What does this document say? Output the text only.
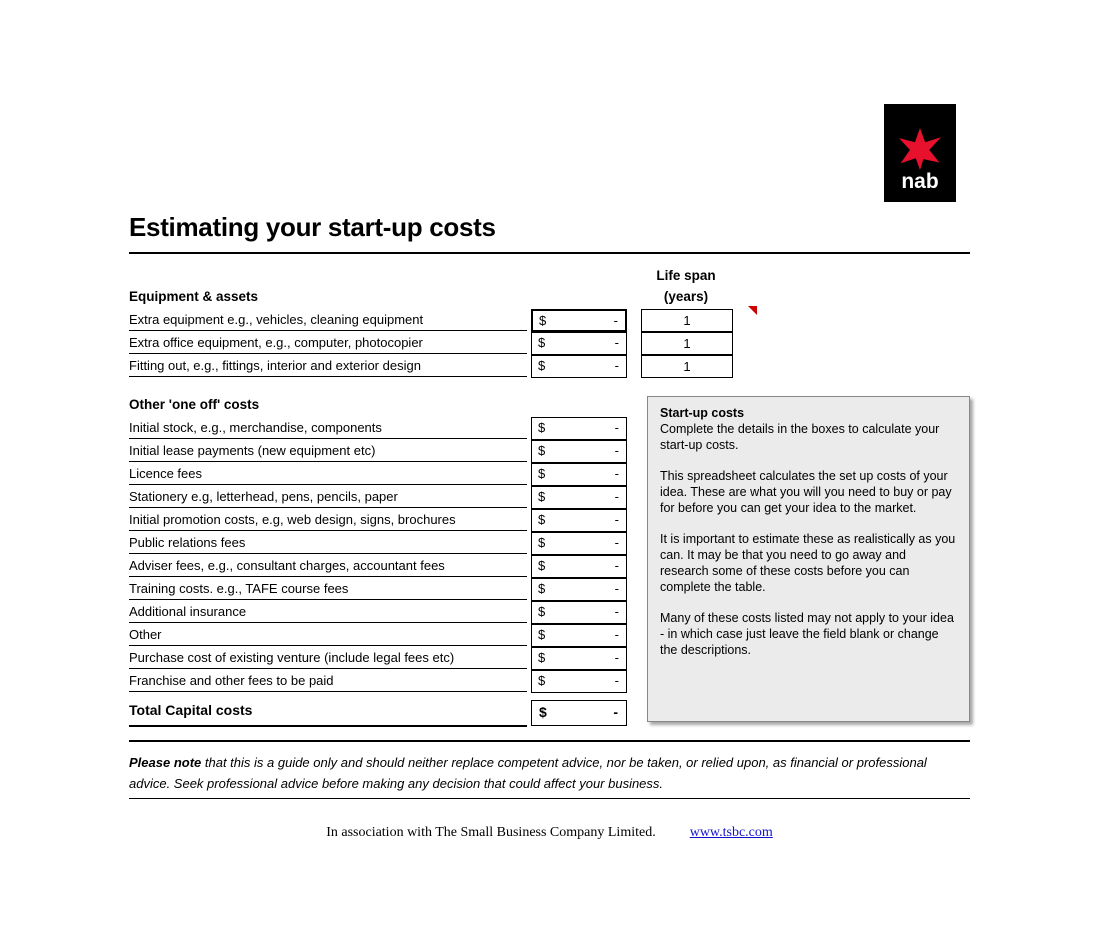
nab
Estimating your start-up costs
Life span
(years)
Equipment & assets
Extra equipment e.g., vehicles, cleaning equipment	$	-	1
Extra office equipment, e.g., computer, photocopier	$	-	1
Fitting out, e.g., fittings, interior and exterior design	$	-	1
Other 'one off' costs
Initial stock, e.g., merchandise, components	$	-
Initial lease payments (new equipment etc)	$	-
Licence fees	$	-
Stationery e.g, letterhead, pens, pencils, paper	$	-
Initial promotion costs, e.g, web design, signs, brochures	$	-
Public relations fees	$	-
Adviser fees, e.g., consultant charges, accountant fees	$	-
Training costs. e.g., TAFE course fees	$	-
Additional insurance	$	-
Other	$	-
Purchase cost of existing venture (include legal fees etc)	$	-
Franchise and other fees to be paid	$	-
Total Capital costs	$	-
Start-up costs

Complete the details in the boxes to calculate your start-up costs.

This spreadsheet calculates the set up costs of your idea. These are what you will you need to buy or pay for before you can get your idea to the market.

It is important to estimate these as realistically as you can. It may be that you need to go away and research some of these costs before you can complete the table.

Many of these costs listed may not apply to your idea - in which case just leave the field blank or change the descriptions.

Please note that this is a guide only and should neither replace competent advice, nor be taken, or relied upon, as financial or professional advice. Seek professional advice before making any decision that could affect your business.
In association with The Small Business Company Limited. www.tsbc.com
